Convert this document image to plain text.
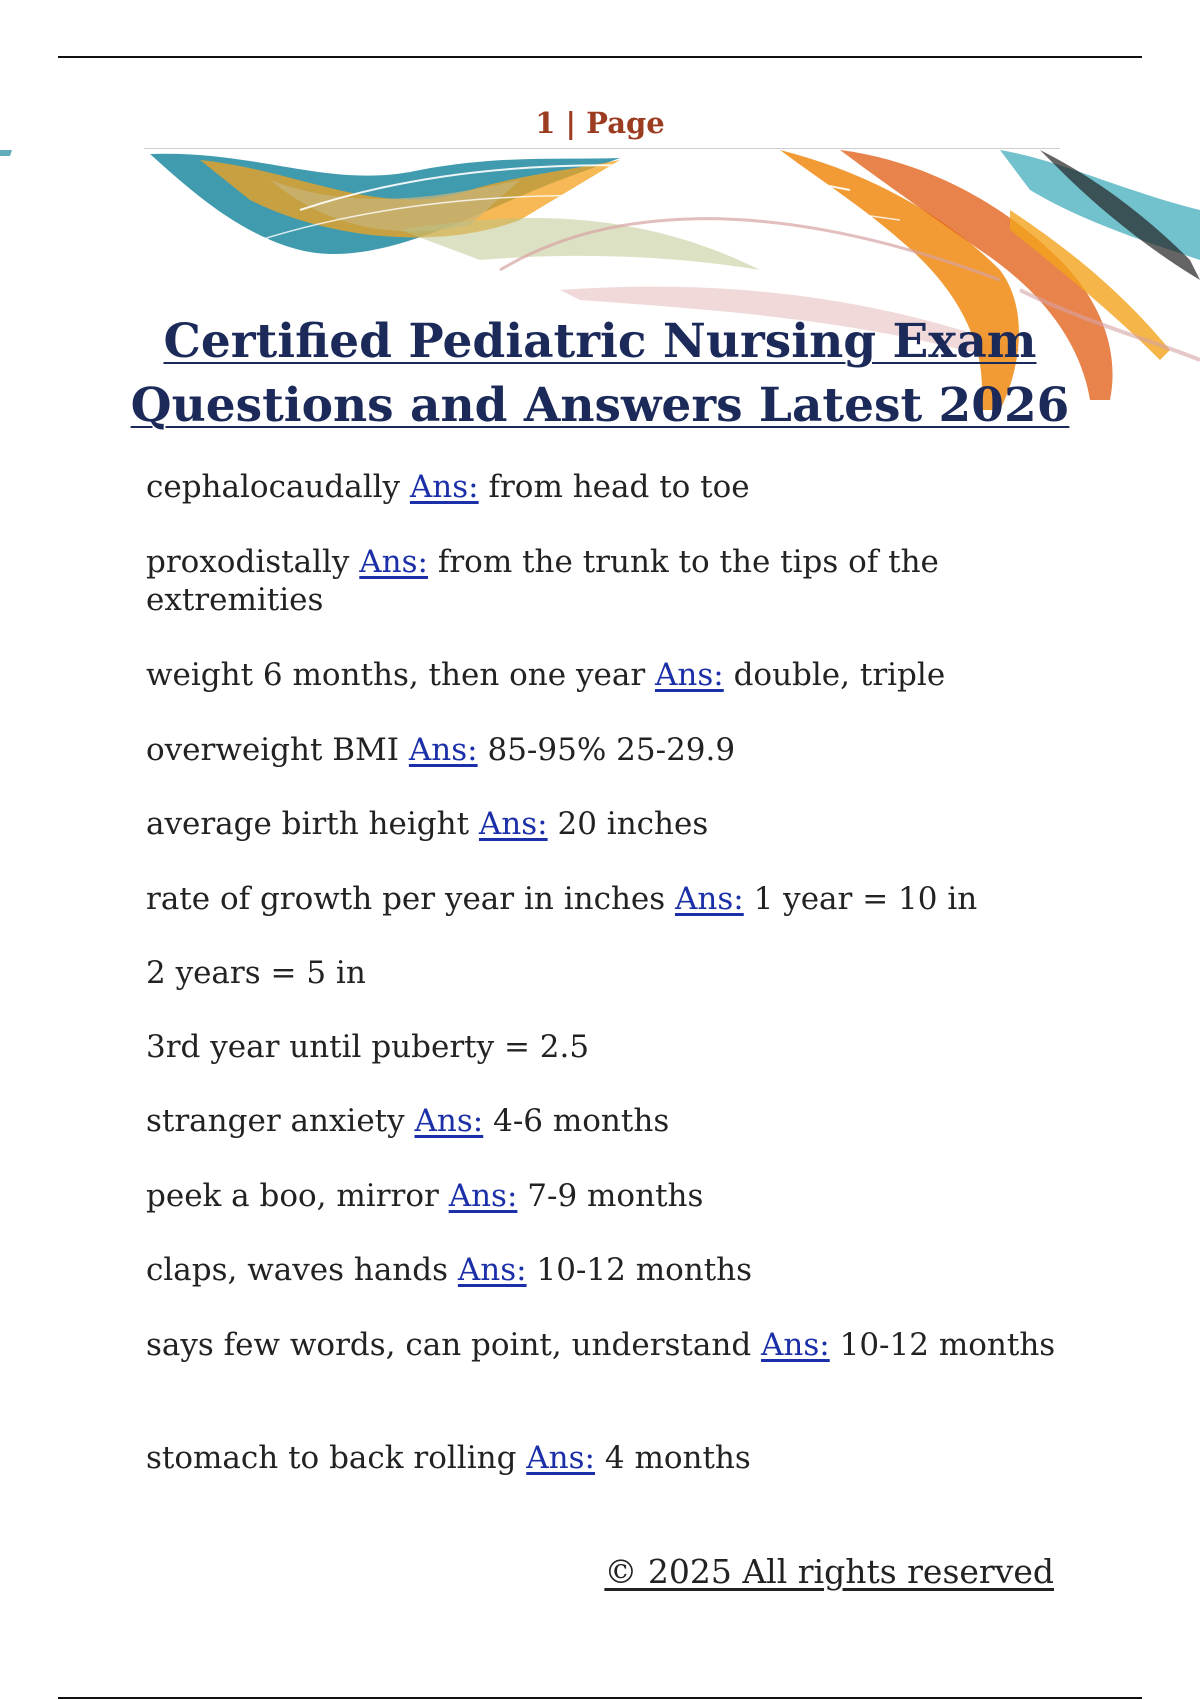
1 | Page
Certified Pediatric Nursing Exam
Questions and Answers Latest 2026
cephalocaudally Ans: from head to toe
proxodistally Ans: from the trunk to the tips of the extremities
weight 6 months, then one year Ans: double, triple
overweight BMI Ans: 85-95% 25-29.9
average birth height Ans: 20 inches
rate of growth per year in inches Ans: 1 year = 10 in
2 years = 5 in
3rd year until puberty = 2.5
stranger anxiety Ans: 4-6 months
peek a boo, mirror Ans: 7-9 months
claps, waves hands Ans: 10-12 months
says few words, can point, understand Ans: 10-12 months
stomach to back rolling Ans: 4 months
© 2025 All rights reserved
